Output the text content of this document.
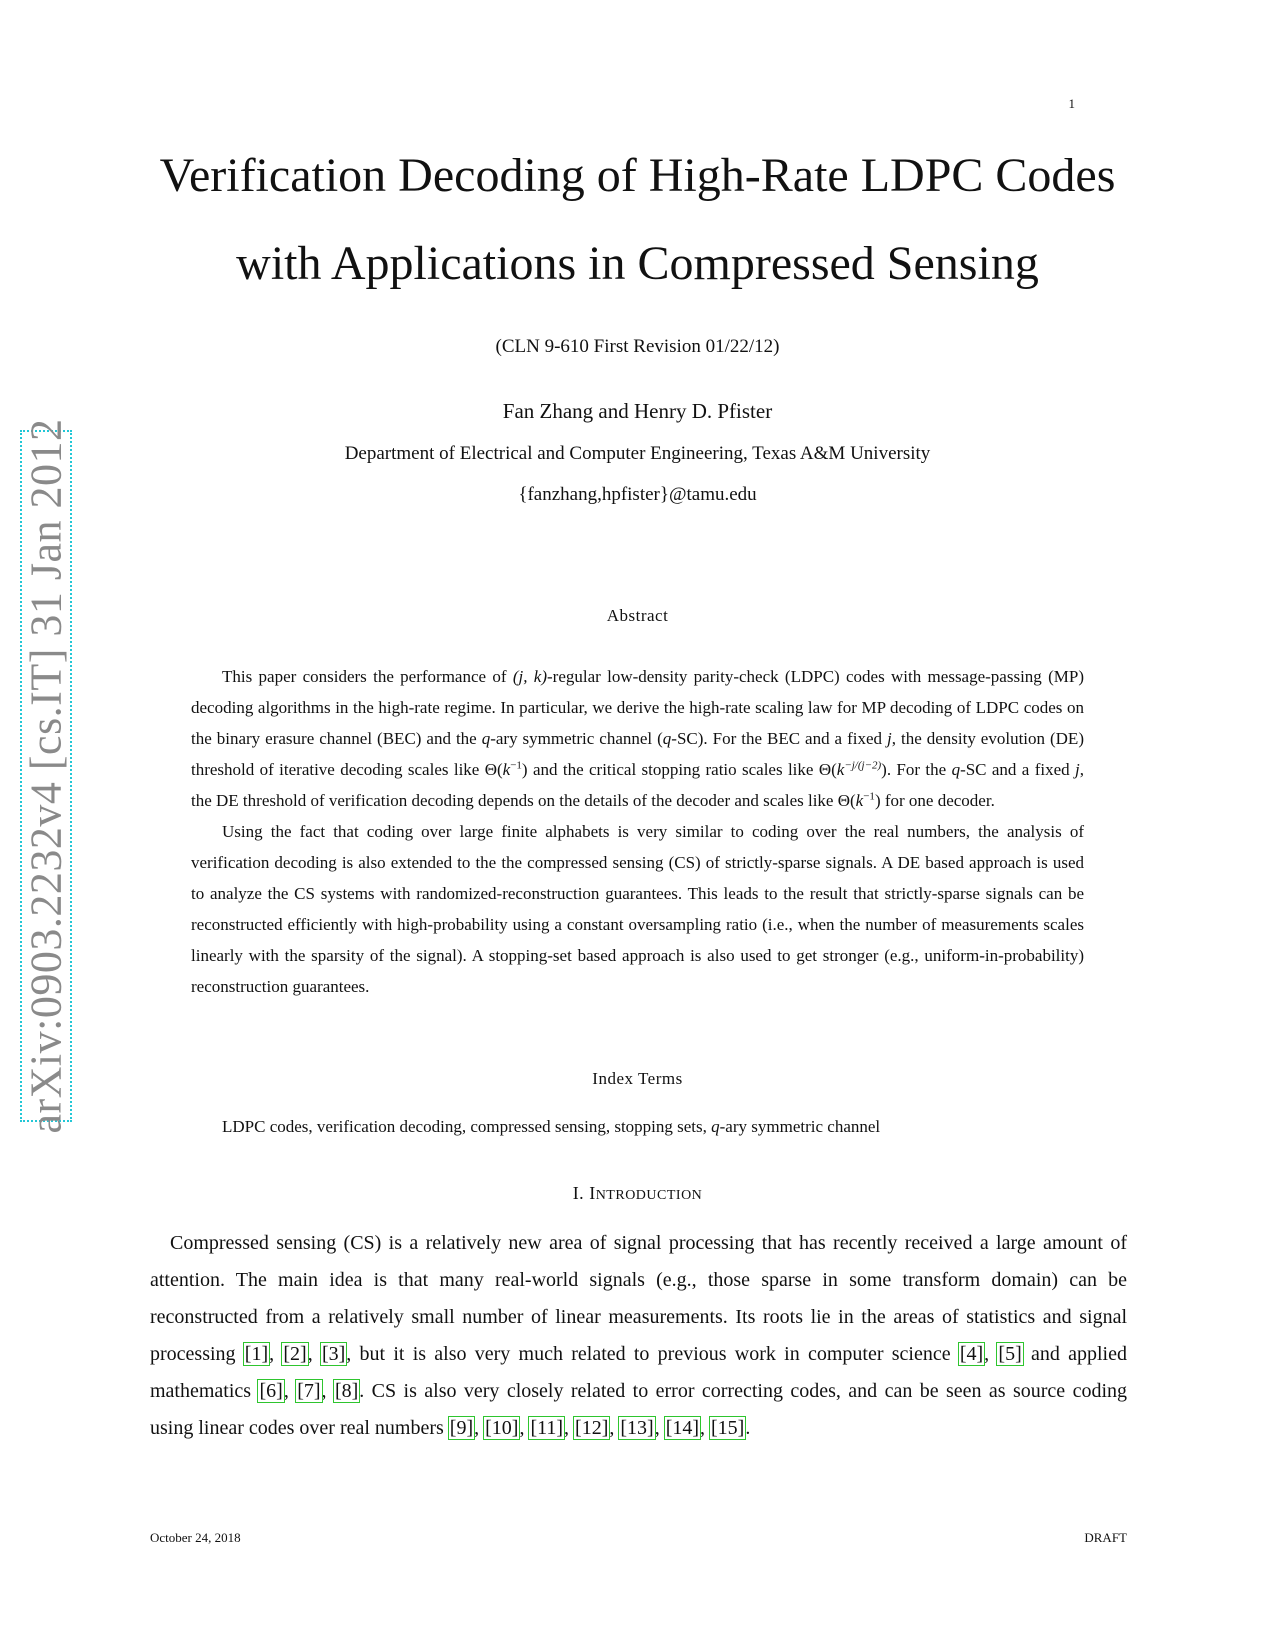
1
arXiv:0903.2232v4 [cs.IT] 31 Jan 2012
Verification Decoding of High-Rate LDPC Codes
with Applications in Compressed Sensing
(CLN 9-610 First Revision 01/22/12)
Fan Zhang and Henry D. Pfister
Department of Electrical and Computer Engineering, Texas A&M University
{fanzhang,hpfister}@tamu.edu
Abstract

This paper considers the performance of (j, k)-regular low-density parity-check (LDPC) codes with message-passing (MP) decoding algorithms in the high-rate regime. In particular, we derive the high-rate scaling law for MP decoding of LDPC codes on the binary erasure channel (BEC) and the q-ary symmetric channel (q-SC). For the BEC and a fixed j, the density evolution (DE) threshold of iterative decoding scales like $\Theta(k^{-1})$ and the critical stopping ratio scales like $\Theta(k^{-j/(j-2)})$. For the q-SC and a fixed j, the DE threshold of verification decoding depends on the details of the decoder and scales like $\Theta(k^{-1})$ for one decoder.

Using the fact that coding over large finite alphabets is very similar to coding over the real numbers, the analysis of verification decoding is also extended to the the compressed sensing (CS) of strictly-sparse signals. A DE based approach is used to analyze the CS systems with randomized-reconstruction guarantees. This leads to the result that strictly-sparse signals can be reconstructed efficiently with high-probability using a constant oversampling ratio (i.e., when the number of measurements scales linearly with the sparsity of the signal). A stopping-set based approach is also used to get stronger (e.g., uniform-in-probability) reconstruction guarantees.

Index Terms
LDPC codes, verification decoding, compressed sensing, stopping sets, q-ary symmetric channel
I. INTRODUCTION

Compressed sensing (CS) is a relatively new area of signal processing that has recently received a large amount of attention. The main idea is that many real-world signals (e.g., those sparse in some transform domain) can be reconstructed from a relatively small number of linear measurements. Its roots lie in the areas of statistics and signal processing [1], [2], [3], but it is also very much related to previous work in computer science [4], [5] and applied mathematics [6], [7], [8]. CS is also very closely related to error correcting codes, and can be seen as source coding using linear codes over real numbers [9], [10], [11], [12], [13], [14], [15].

October 24, 2018	DRAFT
